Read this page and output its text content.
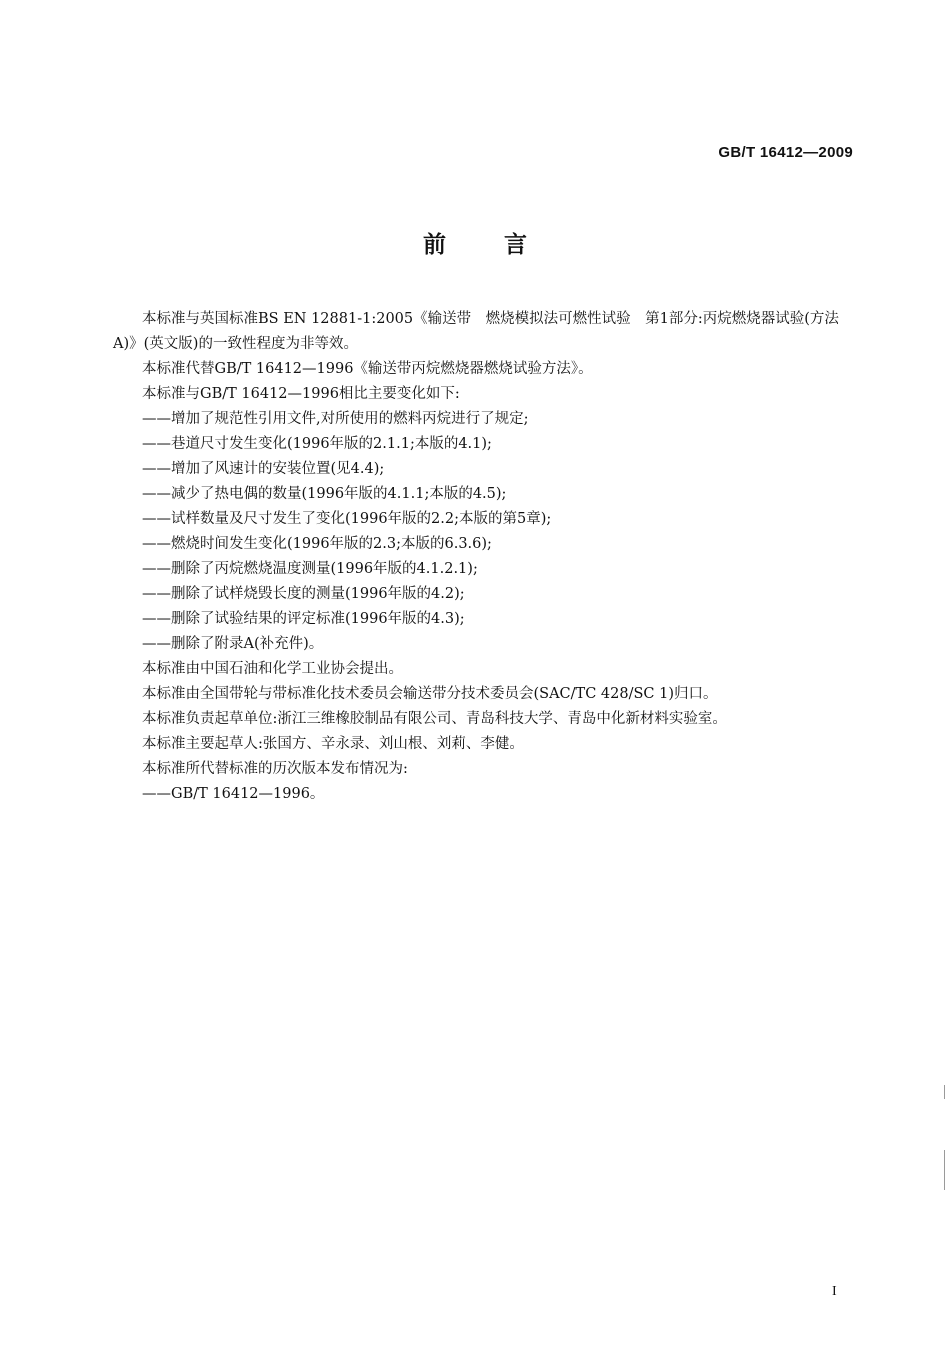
GB/T 16412—2009
前言

本标准与英国标准BS EN 12881-1:2005《输送带　燃烧模拟法可燃性试验　第1部分:丙烷燃烧器试验(方法A)》(英文版)的一致性程度为非等效。

本标准代替GB/T 16412—1996《输送带丙烷燃烧器燃烧试验方法》。

本标准与GB/T 16412—1996相比主要变化如下:

——增加了规范性引用文件,对所使用的燃料丙烷进行了规定;

——巷道尺寸发生变化(1996年版的2.1.1;本版的4.1);

——增加了风速计的安装位置(见4.4);

——减少了热电偶的数量(1996年版的4.1.1;本版的4.5);

——试样数量及尺寸发生了变化(1996年版的2.2;本版的第5章);

——燃烧时间发生变化(1996年版的2.3;本版的6.3.6);

——删除了丙烷燃烧温度测量(1996年版的4.1.2.1);

——删除了试样烧毁长度的测量(1996年版的4.2);

——删除了试验结果的评定标准(1996年版的4.3);

——删除了附录A(补充件)。

本标准由中国石油和化学工业协会提出。

本标准由全国带轮与带标准化技术委员会输送带分技术委员会(SAC/TC 428/SC 1)归口。

本标准负责起草单位:浙江三维橡胶制品有限公司、青岛科技大学、青岛中化新材料实验室。

本标准主要起草人:张国方、辛永录、刘山根、刘莉、李健。

本标准所代替标准的历次版本发布情况为:

——GB/T 16412—1996。

I
